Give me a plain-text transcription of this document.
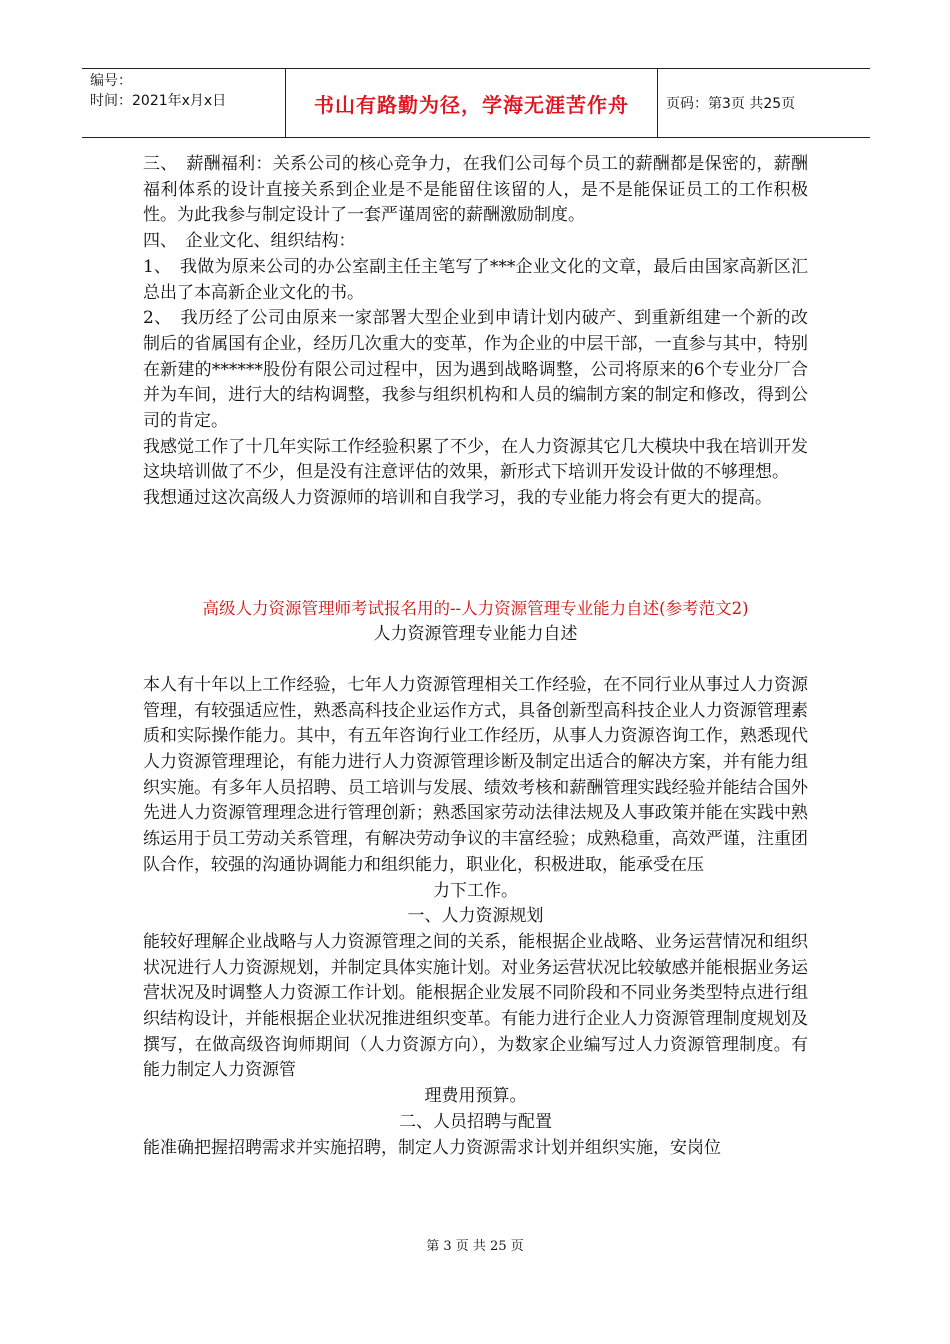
编号：
时间：2021年x月x日	书山有路勤为径，学海无涯苦作舟	页码：第3页 共25页

三、　薪酬福利：关系公司的核心竞争力，在我们公司每个员工的薪酬都是保密的，薪酬福利体系的设计直接关系到企业是不是能留住该留的人，是不是能保证员工的工作积极性。为此我参与制定设计了一套严谨周密的薪酬激励制度。

四、　企业文化、组织结构：

1、　我做为原来公司的办公室副主任主笔写了***企业文化的文章，最后由国家高新区汇总出了本高新企业文化的书。

2、　我历经了公司由原来一家部署大型企业到申请计划内破产、到重新组建一个新的改制后的省属国有企业，经历几次重大的变革，作为企业的中层干部，一直参与其中，特别在新建的******股份有限公司过程中，因为遇到战略调整，公司将原来的6个专业分厂合并为车间，进行大的结构调整，我参与组织机构和人员的编制方案的制定和修改，得到公司的肯定。

我感觉工作了十几年实际工作经验积累了不少，在人力资源其它几大模块中我在培训开发这块培训做了不少，但是没有注意评估的效果，新形式下培训开发设计做的不够理想。

我想通过这次高级人力资源师的培训和自我学习，我的专业能力将会有更大的提高。

高级人力资源管理师考试报名用的--人力资源管理专业能力自述(参考范文2)

人力资源管理专业能力自述

本人有十年以上工作经验，七年人力资源管理相关工作经验，在不同行业从事过人力资源管理，有较强适应性，熟悉高科技企业运作方式，具备创新型高科技企业人力资源管理素质和实际操作能力。其中，有五年咨询行业工作经历，从事人力资源咨询工作，熟悉现代人力资源管理理论，有能力进行人力资源管理诊断及制定出适合的解决方案，并有能力组织实施。有多年人员招聘、员工培训与发展、绩效考核和薪酬管理实践经验并能结合国外先进人力资源管理理念进行管理创新；熟悉国家劳动法律法规及人事政策并能在实践中熟练运用于员工劳动关系管理，有解决劳动争议的丰富经验；成熟稳重，高效严谨，注重团队合作，较强的沟通协调能力和组织能力，职业化，积极进取，能承受在压

力下工作。

一、人力资源规划

能较好理解企业战略与人力资源管理之间的关系，能根据企业战略、业务运营情况和组织状况进行人力资源规划，并制定具体实施计划。对业务运营状况比较敏感并能根据业务运营状况及时调整人力资源工作计划。能根据企业发展不同阶段和不同业务类型特点进行组织结构设计，并能根据企业状况推进组织变革。有能力进行企业人力资源管理制度规划及撰写，在做高级咨询师期间（人力资源方向），为数家企业编写过人力资源管理制度。有能力制定人力资源管

理费用预算。

二、人员招聘与配置

能准确把握招聘需求并实施招聘，制定人力资源需求计划并组织实施，安岗位

第 3 页 共 25 页
